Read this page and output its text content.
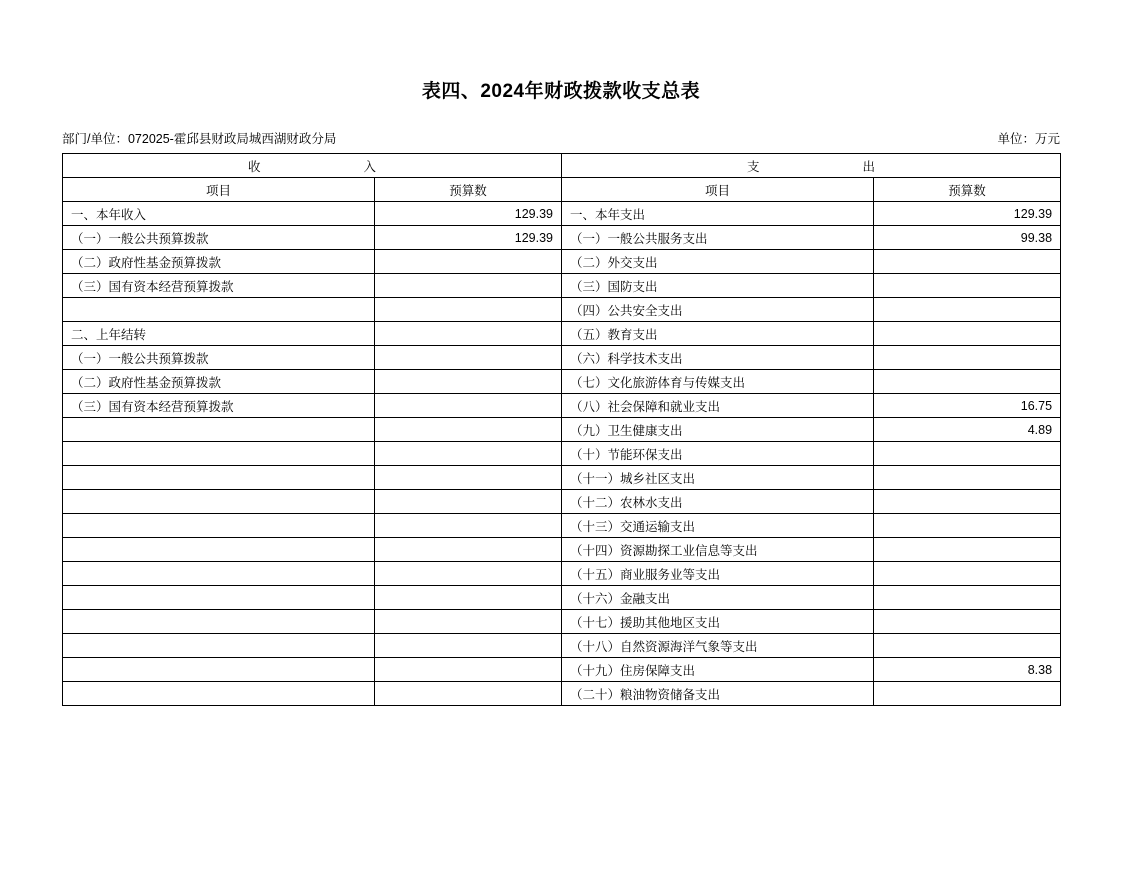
表四、2024年财政拨款收支总表
部门/单位：072025-霍邱县财政局城西湖财政分局	单位：万元
收　　入		支　　出	
项目	预算数	项目	预算数
一、本年收入	129.39	一、本年支出	129.39
（一）一般公共预算拨款	129.39	（一）一般公共服务支出	99.38
（二）政府性基金预算拨款		（二）外交支出	
（三）国有资本经营预算拨款		（三）国防支出	
		（四）公共安全支出	
二、上年结转		（五）教育支出	
（一）一般公共预算拨款		（六）科学技术支出	
（二）政府性基金预算拨款		（七）文化旅游体育与传媒支出	
（三）国有资本经营预算拨款		（八）社会保障和就业支出	16.75
		（九）卫生健康支出	4.89
		（十）节能环保支出	
		（十一）城乡社区支出	
		（十二）农林水支出	
		（十三）交通运输支出	
		（十四）资源勘探工业信息等支出	
		（十五）商业服务业等支出	
		（十六）金融支出	
		（十七）援助其他地区支出	
		（十八）自然资源海洋气象等支出	
		（十九）住房保障支出	8.38
		（二十）粮油物资储备支出	
